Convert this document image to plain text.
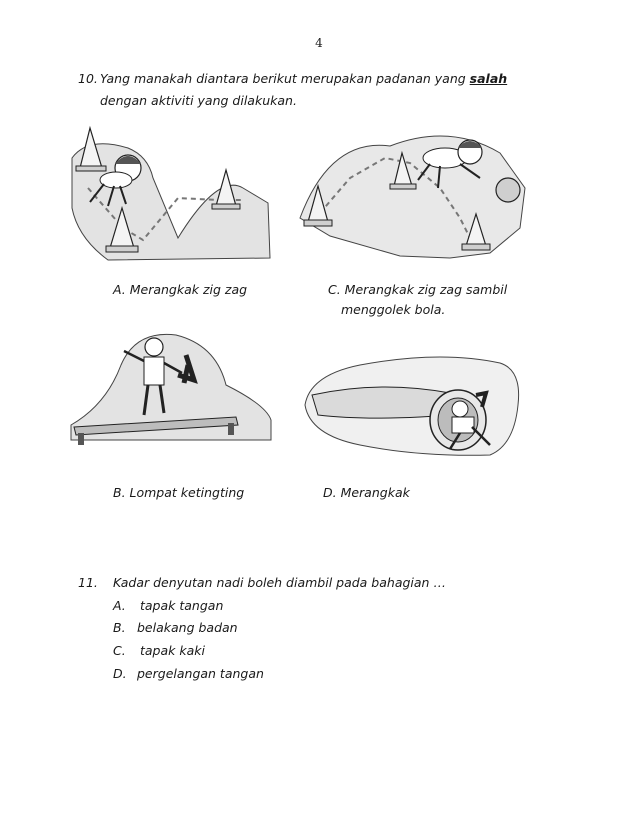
4
10. Yang manakah diantara berikut merupakan padanan yang salah
dengan aktiviti yang dilakukan.
A. Merangkak zig zag	C. Merangkak zig zag sambil
menggolek bola.
B. Lompat ketingting	D. Merangkak
11. Kadar denyutan nadi boleh diambil pada bahagian …
A. tapak tangan
B. belakang badan
C. tapak kaki
D. pergelangan tangan
